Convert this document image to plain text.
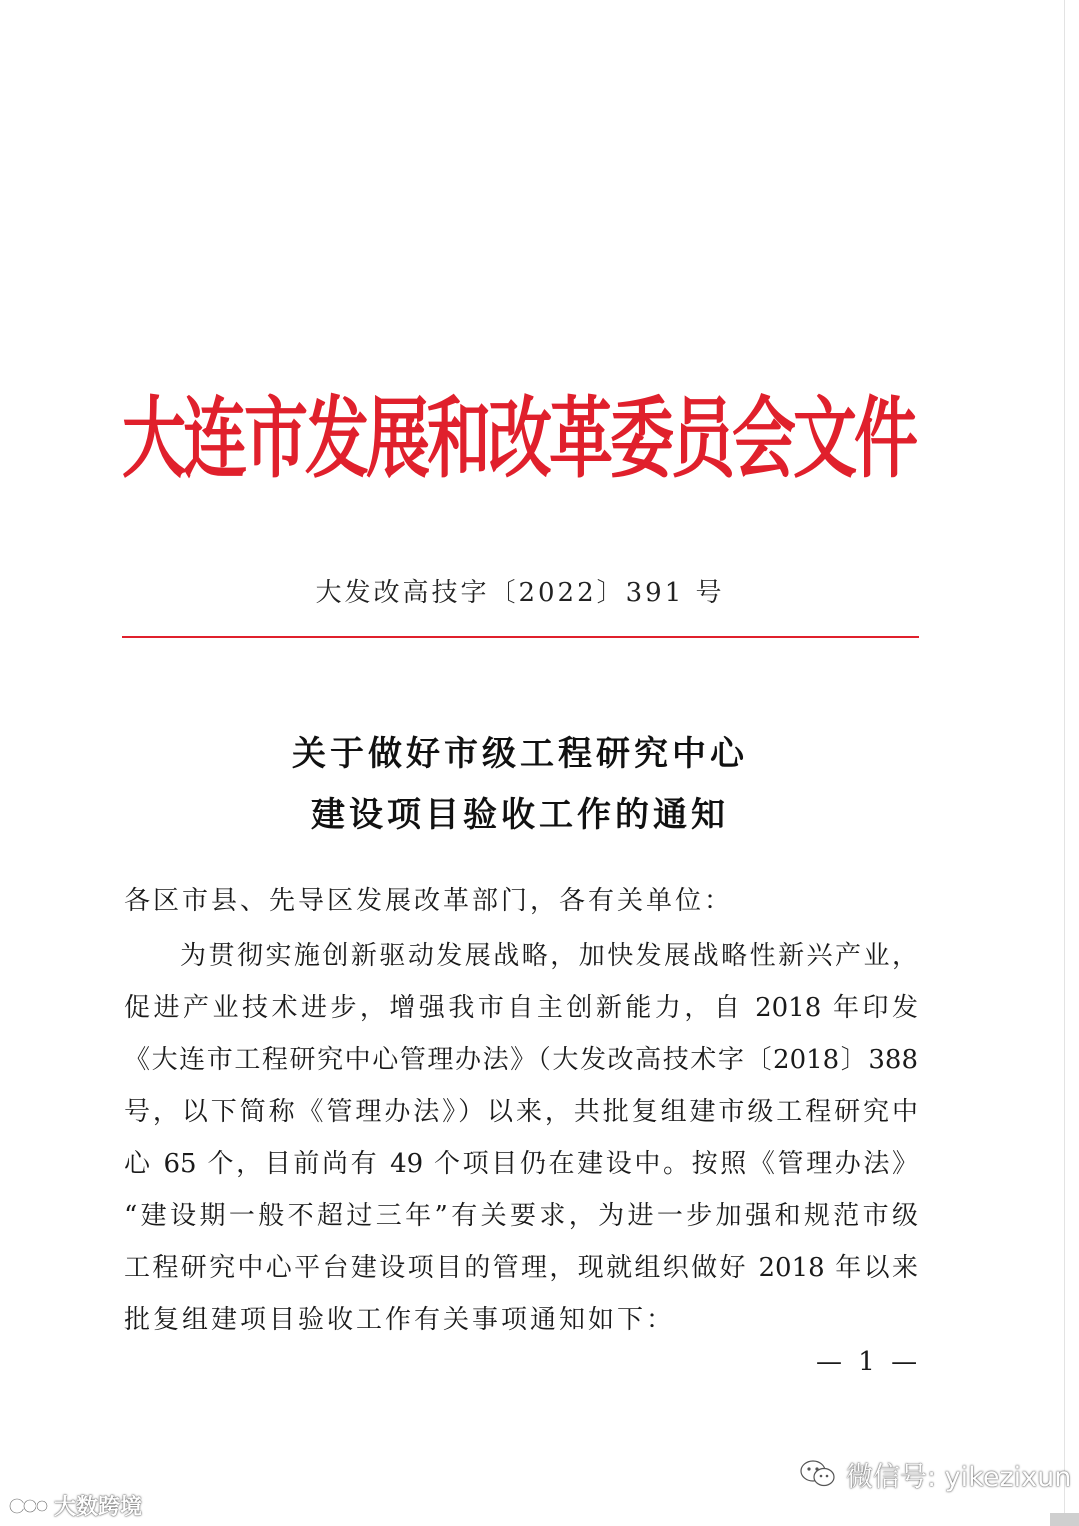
大连市发展和改革委员会文件
大发改高技字〔2022〕391 号
关于做好市级工程研究中心
建设项目验收工作的通知
各区市县、先导区发展改革部门，各有关单位：
为贯彻实施创新驱动发展战略，加快发展战略性新兴产业，
促进产业技术进步，增强我市自主创新能力，自 2018 年印发
《大连市工程研究中心管理办法》（大发改高技术字〔2018〕388
号，以下简称《管理办法》）以来，共批复组建市级工程研究中
心 65 个，目前尚有 49 个项目仍在建设中。按照《管理办法》
“建设期一般不超过三年”有关要求，为进一步加强和规范市级
工程研究中心平台建设项目的管理，现就组织做好 2018 年以来
批复组建项目验收工作有关事项通知如下：
— 1 —
微信号: yikezixun
大数跨境
